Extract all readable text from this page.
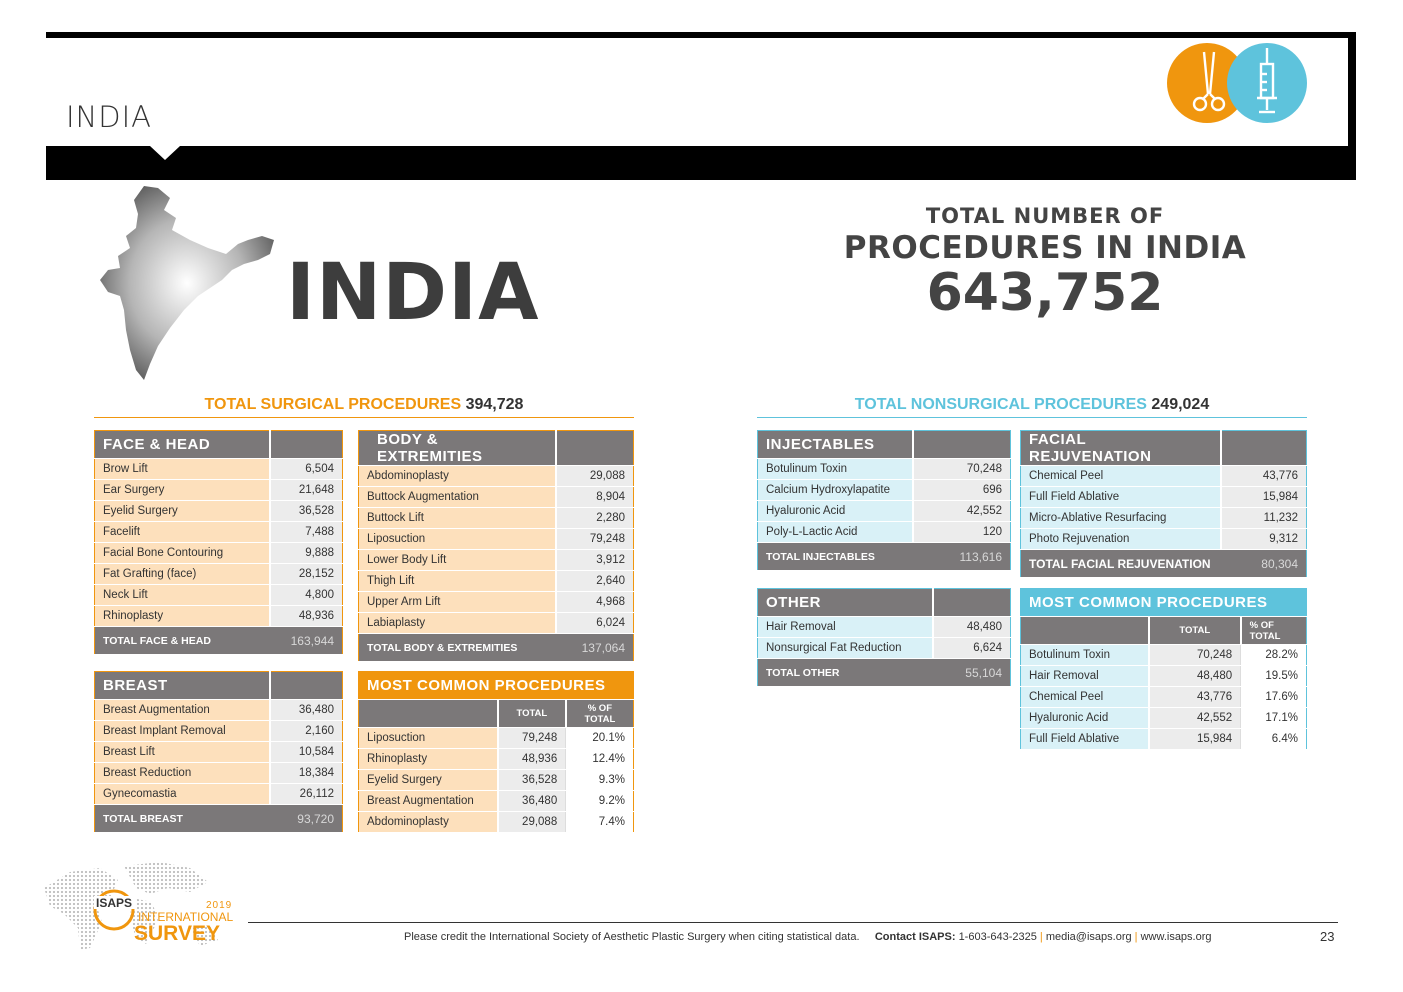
INDIA
INDIA
TOTAL NUMBER OF
PROCEDURES IN INDIA
643,752
TOTAL SURGICAL PROCEDURES 394,728	TOTAL NONSURGICAL PROCEDURES 249,024
FACE & HEAD	
Brow Lift	6,504
Ear Surgery	21,648
Eyelid Surgery	36,528
Facelift	7,488
Facial Bone Contouring	9,888
Fat Grafting (face)	28,152
Neck Lift	4,800
Rhinoplasty	48,936
TOTAL FACE & HEAD	163,944
BODY & EXTREMITIES	
Abdominoplasty	29,088
Buttock Augmentation	8,904
Buttock Lift	2,280
Liposuction	79,248
Lower Body Lift	3,912
Thigh Lift	2,640
Upper Arm Lift	4,968
Labiaplasty	6,024
TOTAL BODY & EXTREMITIES	137,064
BREAST	
Breast Augmentation	36,480
Breast Implant Removal	2,160
Breast Lift	10,584
Breast Reduction	18,384
Gynecomastia	26,112
TOTAL BREAST	93,720
MOST COMMON PROCEDURES		
	TOTAL	% OF
TOTAL
Liposuction	79,248	20.1%
Rhinoplasty	48,936	12.4%
Eyelid Surgery	36,528	9.3%
Breast Augmentation	36,480	9.2%
Abdominoplasty	29,088	7.4%
INJECTABLES	
Botulinum Toxin	70,248
Calcium Hydroxylapatite	696
Hyaluronic Acid	42,552
Poly-L-Lactic Acid	120
TOTAL INJECTABLES	113,616
FACIAL REJUVENATION	
Chemical Peel	43,776
Full Field Ablative	15,984
Micro-Ablative Resurfacing	11,232
Photo Rejuvenation	9,312
TOTAL FACIAL REJUVENATION	80,304
OTHER	
Hair Removal	48,480
Nonsurgical Fat Reduction	6,624
TOTAL OTHER	55,104
MOST COMMON PROCEDURES		
	TOTAL	% OF
TOTAL
Botulinum Toxin	70,248	28.2%
Hair Removal	48,480	19.5%
Chemical Peel	43,776	17.6%
Hyaluronic Acid	42,552	17.1%
Full Field Ablative	15,984	6.4%
ISAPS	2019
INTERNATIONAL
SURVEY	Please credit the International Society of Aesthetic Plastic Surgery when citing statistical data. Contact ISAPS: 1-603-643-2325 | media@isaps.org | www.isaps.org	23
